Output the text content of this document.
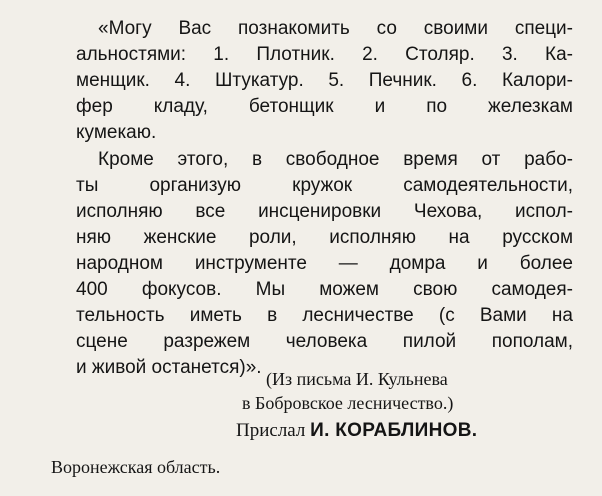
«Могу Вас познакомить со своими специ-
альностями: 1. Плотник. 2. Столяр. 3. Ка-
менщик. 4. Штукатур. 5. Печник. 6. Калори-
фер кладу, бетонщик и по железкам
кумекаю.
Кроме этого, в свободное время от рабо-
ты организую кружок самодеятельности,
исполняю все инсценировки Чехова, испол-
няю женские роли, исполняю на русском
народном инструменте — домра и более
400 фокусов. Мы можем свою самодея-
тельность иметь в лесничестве (с Вами на
сцене разрежем человека пилой пополам,
и живой останется)».
(Из письма И. Кульнева
в Бобровское лесничество.)
Прислал И. КОРАБЛИНОВ.
Воронежская область.
